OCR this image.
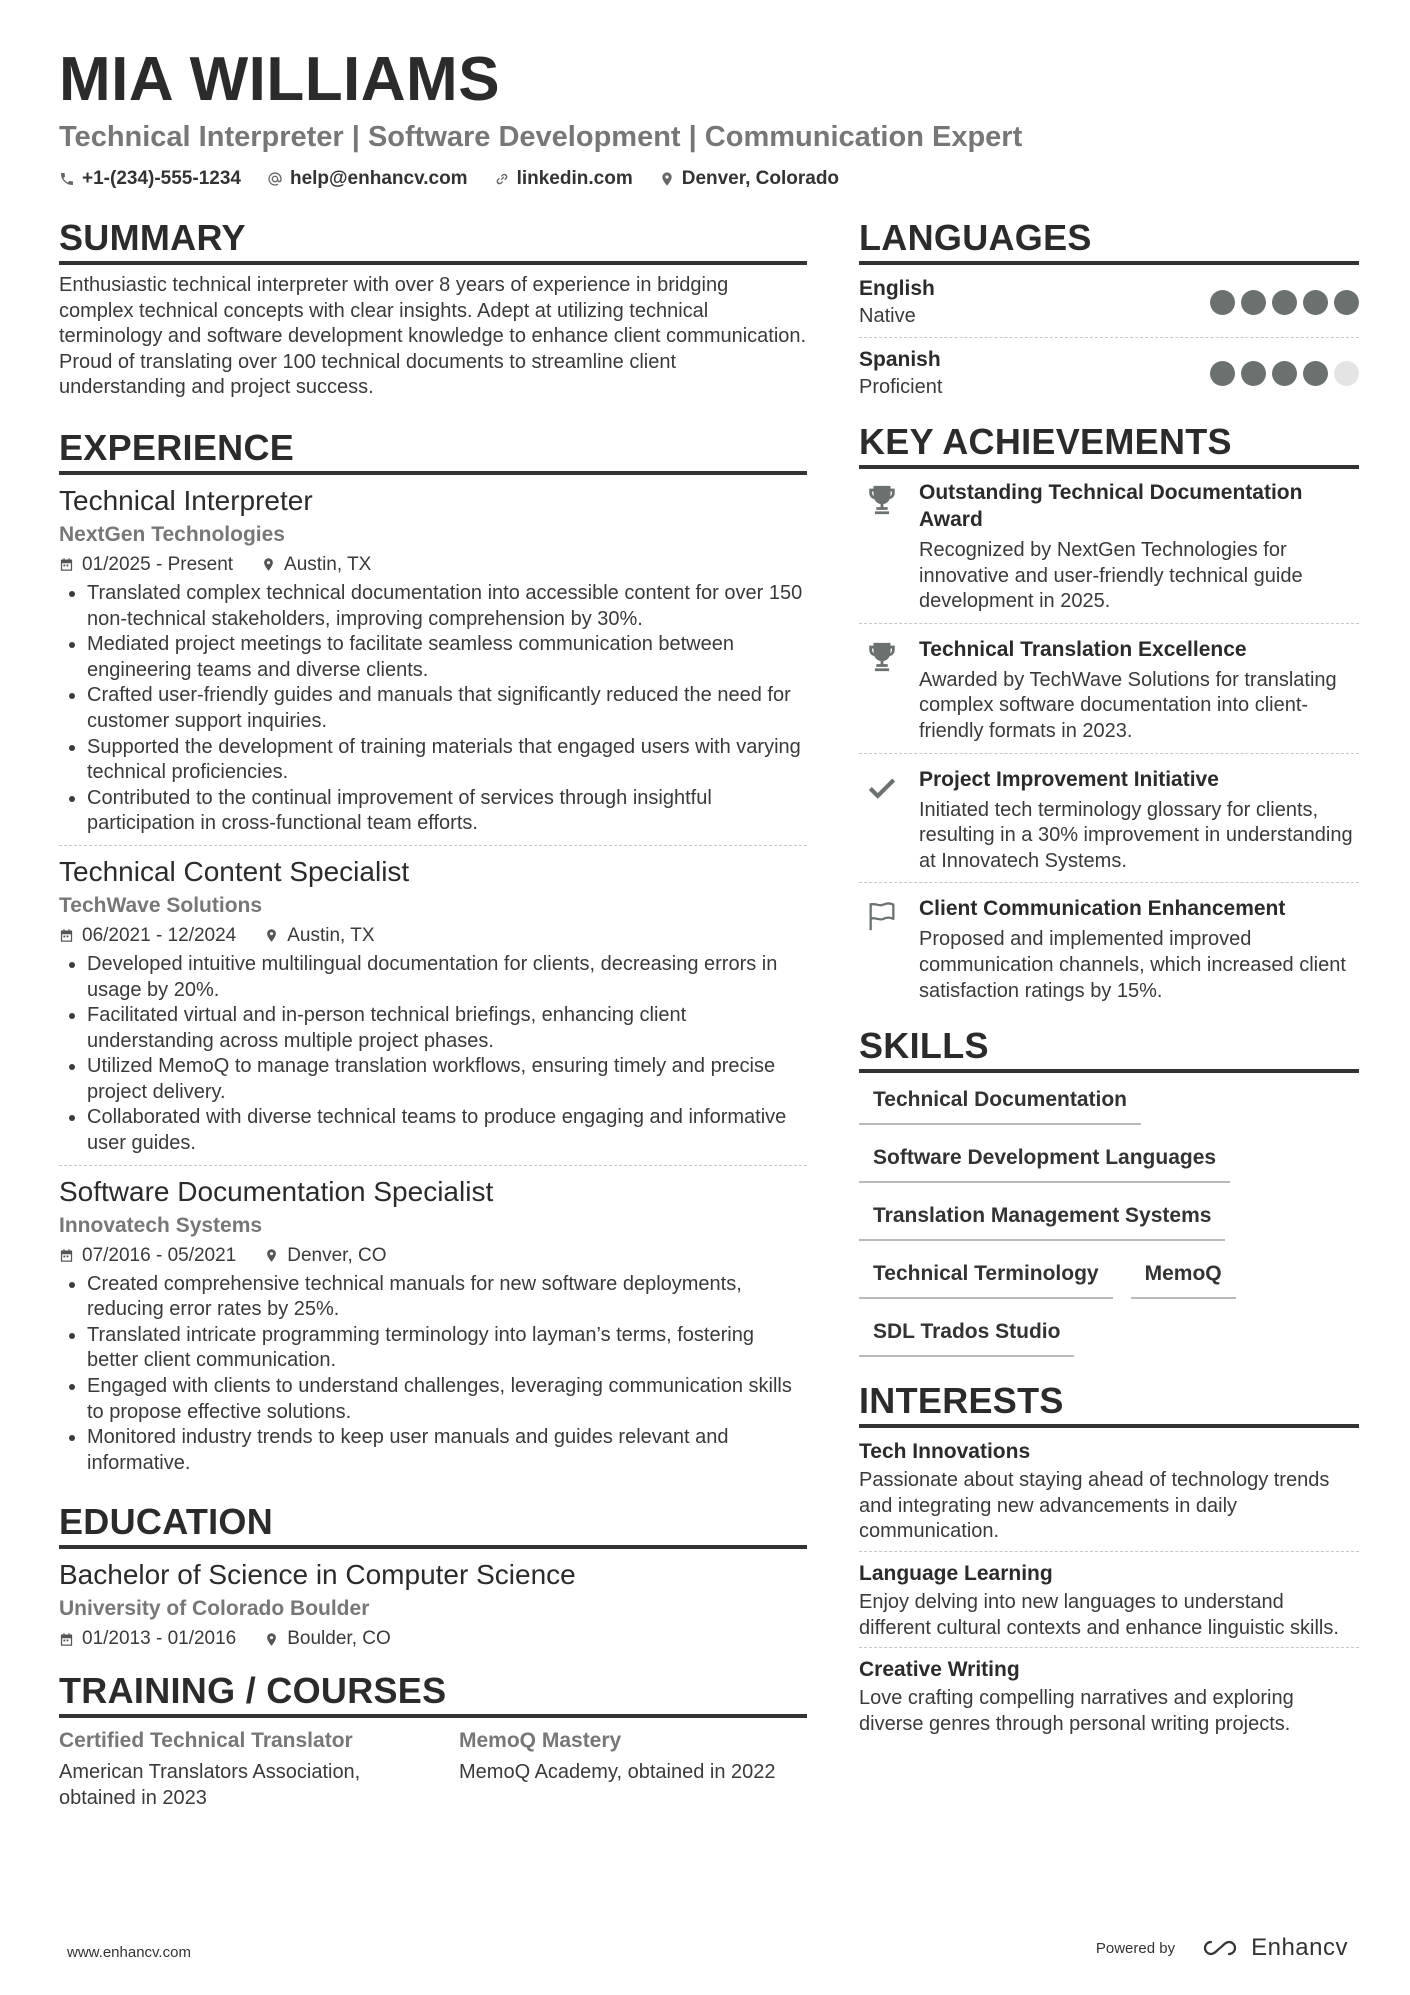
MIA WILLIAMS
Technical Interpreter | Software Development | Communication Expert
+1-(234)-555-1234	help@enhancv.com	linkedin.com	Denver, Colorado
SUMMARY

Enthusiastic technical interpreter with over 8 years of experience in bridging complex technical concepts with clear insights. Adept at utilizing technical terminology and software development knowledge to enhance client communication. Proud of translating over 100 technical documents to streamline client understanding and project success.

EXPERIENCE
Technical Interpreter
NextGen Technologies
01/2025 - Present	Austin, TX
• Translated complex technical documentation into accessible content for over 150 non-technical stakeholders, improving comprehension by 30%.
• Mediated project meetings to facilitate seamless communication between engineering teams and diverse clients.
• Crafted user-friendly guides and manuals that significantly reduced the need for customer support inquiries.
• Supported the development of training materials that engaged users with varying technical proficiencies.
• Contributed to the continual improvement of services through insightful participation in cross-functional team efforts.
Technical Content Specialist
TechWave Solutions
06/2021 - 12/2024	Austin, TX
• Developed intuitive multilingual documentation for clients, decreasing errors in usage by 20%.
• Facilitated virtual and in-person technical briefings, enhancing client understanding across multiple project phases.
• Utilized MemoQ to manage translation workflows, ensuring timely and precise project delivery.
• Collaborated with diverse technical teams to produce engaging and informative user guides.
Software Documentation Specialist
Innovatech Systems
07/2016 - 05/2021	Denver, CO
• Created comprehensive technical manuals for new software deployments, reducing error rates by 25%.
• Translated intricate programming terminology into layman’s terms, fostering better client communication.
• Engaged with clients to understand challenges, leveraging communication skills to propose effective solutions.
• Monitored industry trends to keep user manuals and guides relevant and informative.
EDUCATION
Bachelor of Science in Computer Science
University of Colorado Boulder
01/2013 - 01/2016	Boulder, CO
TRAINING / COURSES
Certified Technical Translator
American Translators Association, obtained in 2023
MemoQ Mastery
MemoQ Academy, obtained in 2022
LANGUAGES
English
Native
Spanish
Proficient
KEY ACHIEVEMENTS
Outstanding Technical Documentation Award
Recognized by NextGen Technologies for innovative and user-friendly technical guide development in 2025.
Technical Translation Excellence
Awarded by TechWave Solutions for translating complex software documentation into client-friendly formats in 2023.
Project Improvement Initiative
Initiated tech terminology glossary for clients, resulting in a 30% improvement in understanding at Innovatech Systems.
Client Communication Enhancement
Proposed and implemented improved communication channels, which increased client satisfaction ratings by 15%.
SKILLS
Technical Documentation
Software Development Languages
Translation Management Systems
Technical Terminology	MemoQ
SDL Trados Studio
INTERESTS
Tech Innovations
Passionate about staying ahead of technology trends and integrating new advancements in daily communication.
Language Learning
Enjoy delving into new languages to understand different cultural contexts and enhance linguistic skills.
Creative Writing
Love crafting compelling narratives and exploring diverse genres through personal writing projects.
www.enhancv.com	Powered by	Enhancv
